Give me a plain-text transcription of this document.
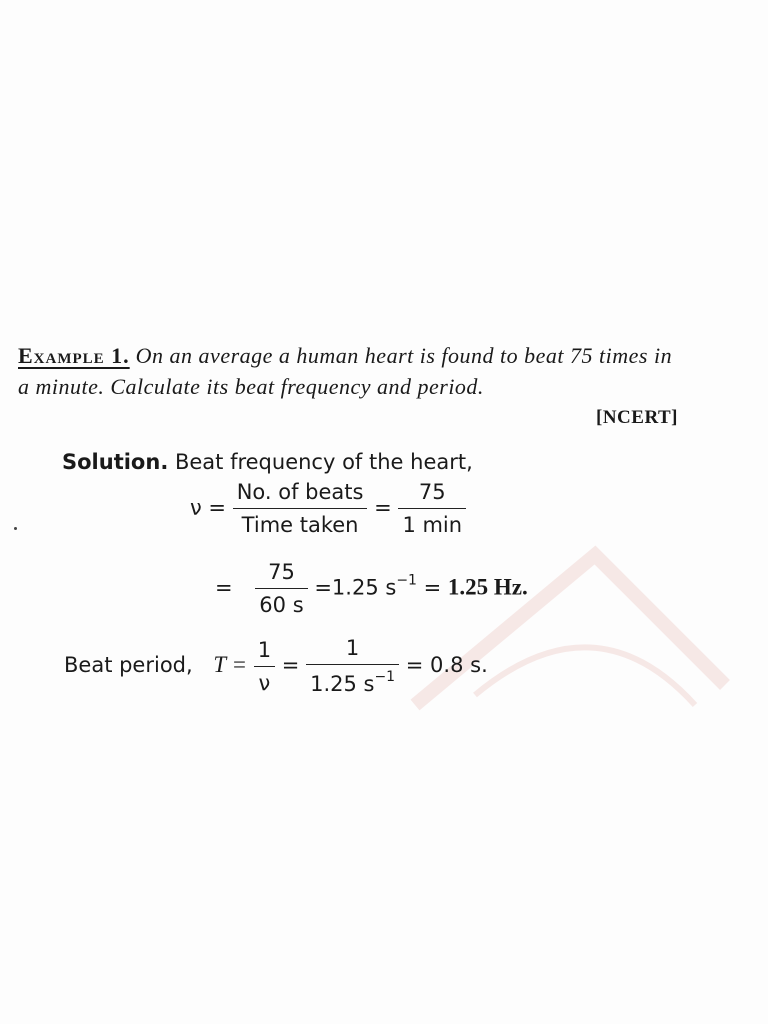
Example 1. On an average a human heart is found to beat 75 times in a minute. Calculate its beat frequency and period.
[NCERT]
Solution. Beat frequency of the heart,
$\nu = \frac{\text{No. of beats}}{\text{Time taken}} = \frac{75}{1 \min}$
= $\frac{75}{60 s} =1.25$ $s^{-1} = 1.25$ Hz.
Beat period, $T = \frac{1}{\nu} = \frac{1}{1.25 s^{-1}} = 0.8$ s.
